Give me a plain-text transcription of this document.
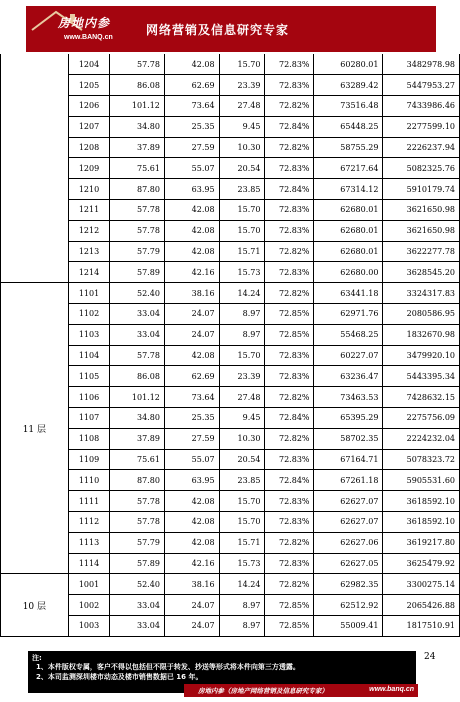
房地内参
www.BANQ.cn
网络营销及信息研究专家
	1204	57.78	42.08	15.70	72.83%	60280.01	3482978.98
	1205	86.08	62.69	23.39	72.83%	63289.42	5447953.27
	1206	101.12	73.64	27.48	72.82%	73516.48	7433986.46
	1207	34.80	25.35	9.45	72.84%	65448.25	2277599.10
	1208	37.89	27.59	10.30	72.82%	58755.29	2226237.94
	1209	75.61	55.07	20.54	72.83%	67217.64	5082325.76
	1210	87.80	63.95	23.85	72.84%	67314.12	5910179.74
	1211	57.78	42.08	15.70	72.83%	62680.01	3621650.98
	1212	57.78	42.08	15.70	72.83%	62680.01	3621650.98
	1213	57.79	42.08	15.71	72.82%	62680.01	3622277.78
	1214	57.89	42.16	15.73	72.83%	62680.00	3628545.20
11 层	1101	52.40	38.16	14.24	72.82%	63441.18	3324317.83
	1102	33.04	24.07	8.97	72.85%	62971.76	2080586.95
	1103	33.04	24.07	8.97	72.85%	55468.25	1832670.98
	1104	57.78	42.08	15.70	72.83%	60227.07	3479920.10
	1105	86.08	62.69	23.39	72.83%	63236.47	5443395.34
	1106	101.12	73.64	27.48	72.82%	73463.53	7428632.15
	1107	34.80	25.35	9.45	72.84%	65395.29	2275756.09
	1108	37.89	27.59	10.30	72.82%	58702.35	2224232.04
	1109	75.61	55.07	20.54	72.83%	67164.71	5078323.72
	1110	87.80	63.95	23.85	72.84%	67261.18	5905531.60
	1111	57.78	42.08	15.70	72.83%	62627.07	3618592.10
	1112	57.78	42.08	15.70	72.83%	62627.07	3618592.10
	1113	57.79	42.08	15.71	72.82%	62627.06	3619217.80
	1114	57.89	42.16	15.73	72.83%	62627.05	3625479.92
10 层	1001	52.40	38.16	14.24	72.82%	62982.35	3300275.14
	1002	33.04	24.07	8.97	72.85%	62512.92	2065426.88
	1003	33.04	24.07	8.97	72.85%	55009.41	1817510.91
注:
1、本件版权专属，客户不得以包括但不限于转发、抄送等形式将本件向第三方透露。
2、本司监测深圳楼市动态及楼市销售数据已 16 年。
24
房地内参（房地产网络营销及信息研究专家）	www.banq.cn
